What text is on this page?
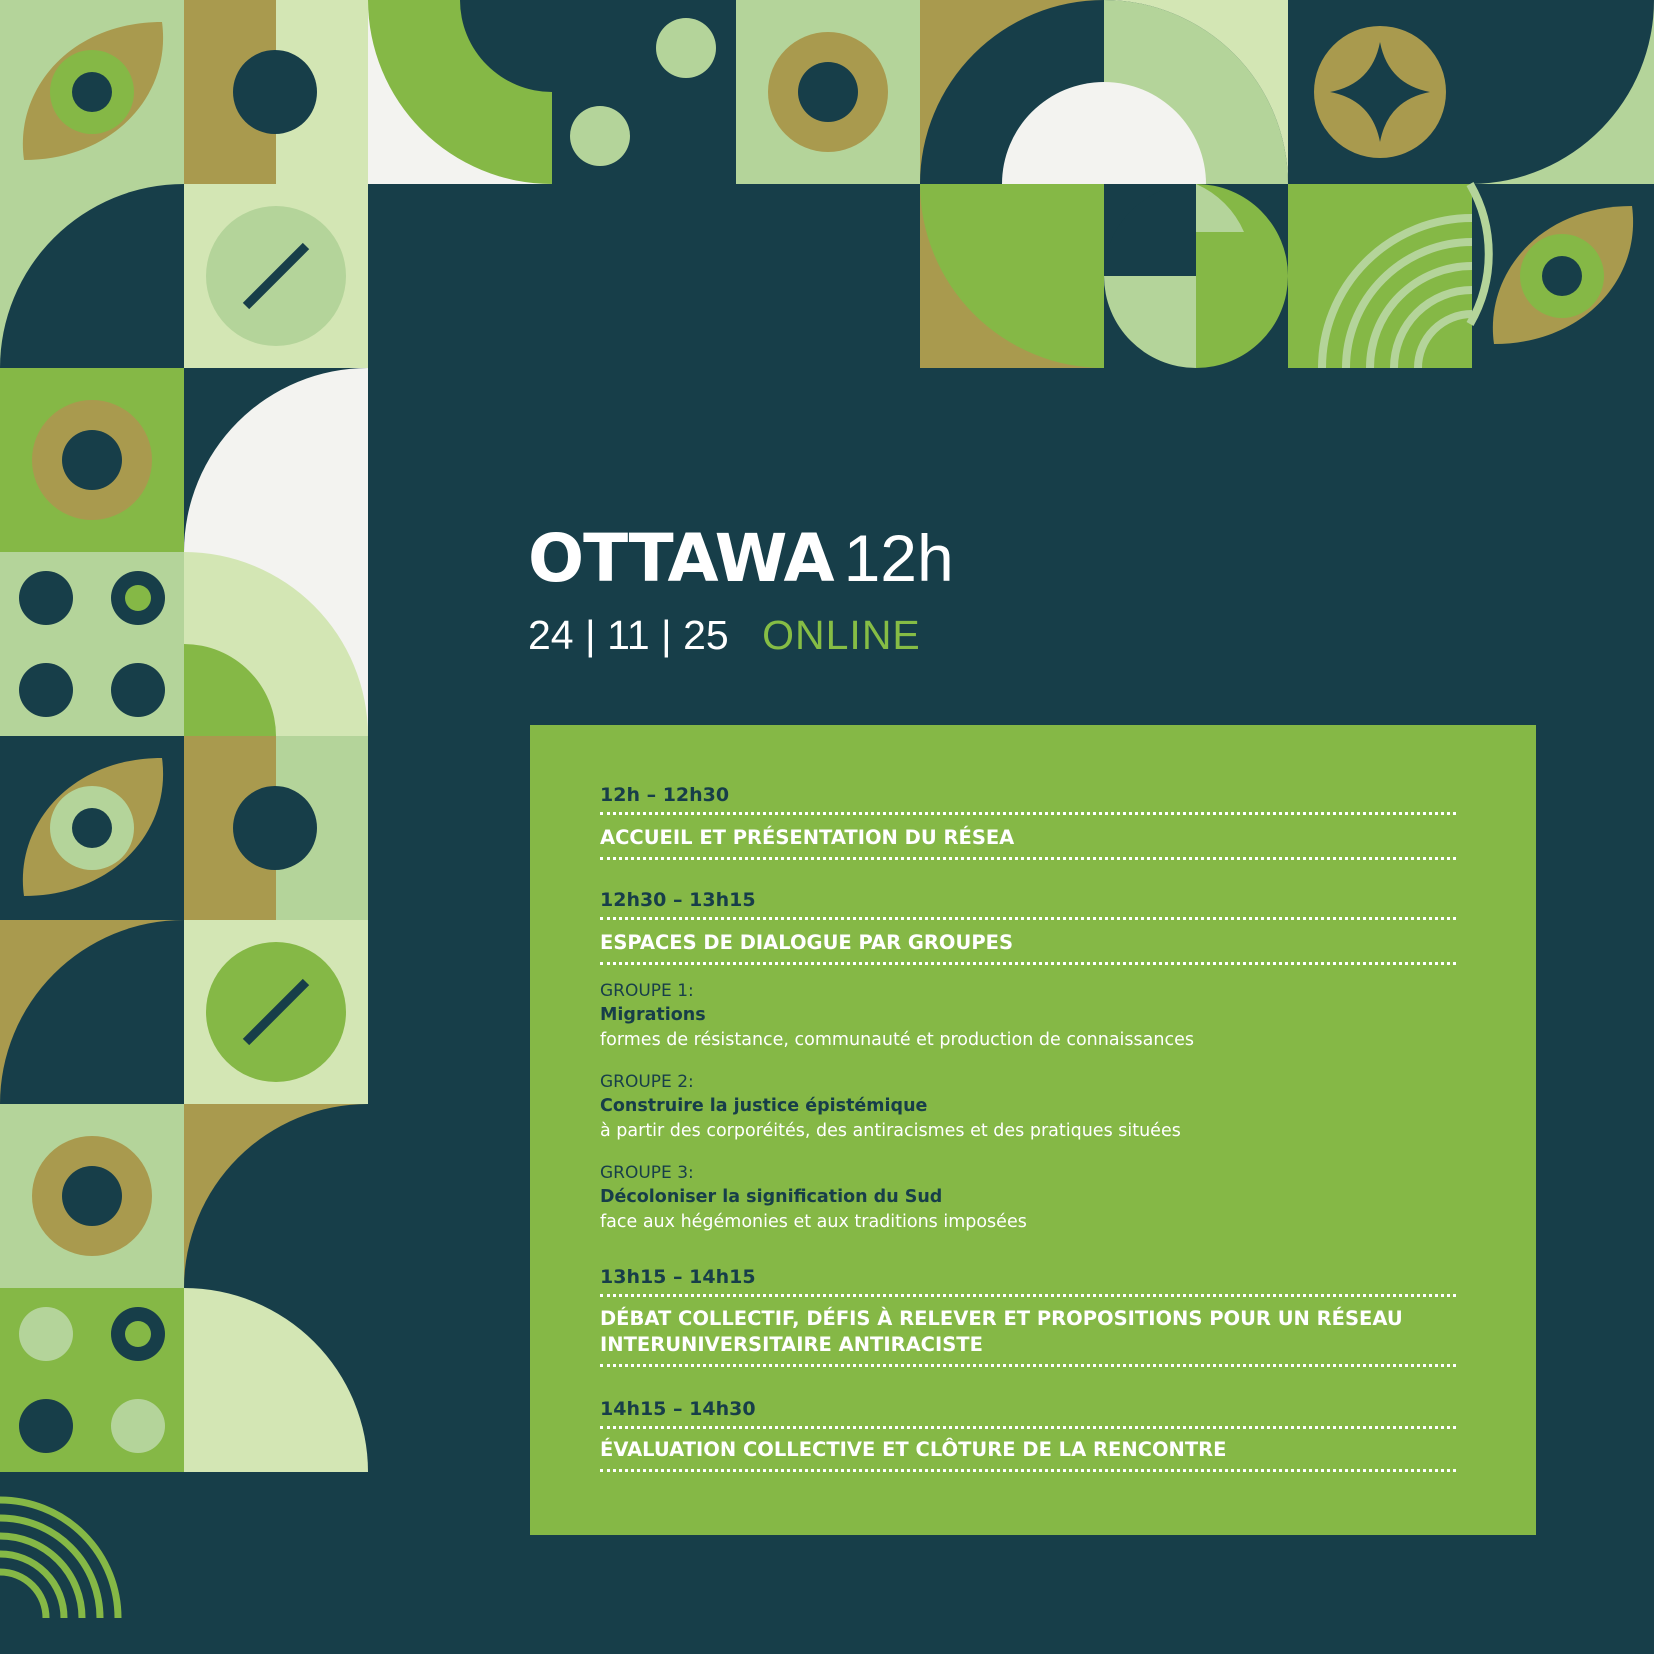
OTTAWA 12h
24 | 11 | 25 ONLINE
12h – 12h30
ACCUEIL ET PRÉSENTATION DU RÉSEA
12h30 – 13h15
ESPACES DE DIALOGUE PAR GROUPES
GROUPE 1:
Migrations
formes de résistance, communauté et production de connaissances
GROUPE 2:
Construire la justice épistémique
à partir des corporéités, des antiracismes et des pratiques situées
GROUPE 3:
Décoloniser la signification du Sud
face aux hégémonies et aux traditions imposées
13h15 – 14h15
DÉBAT COLLECTIF, DÉFIS À RELEVER ET PROPOSITIONS POUR UN RÉSEAU INTERUNIVERSITAIRE ANTIRACISTE
14h15 – 14h30
ÉVALUATION COLLECTIVE ET CLÔTURE DE LA RENCONTRE
